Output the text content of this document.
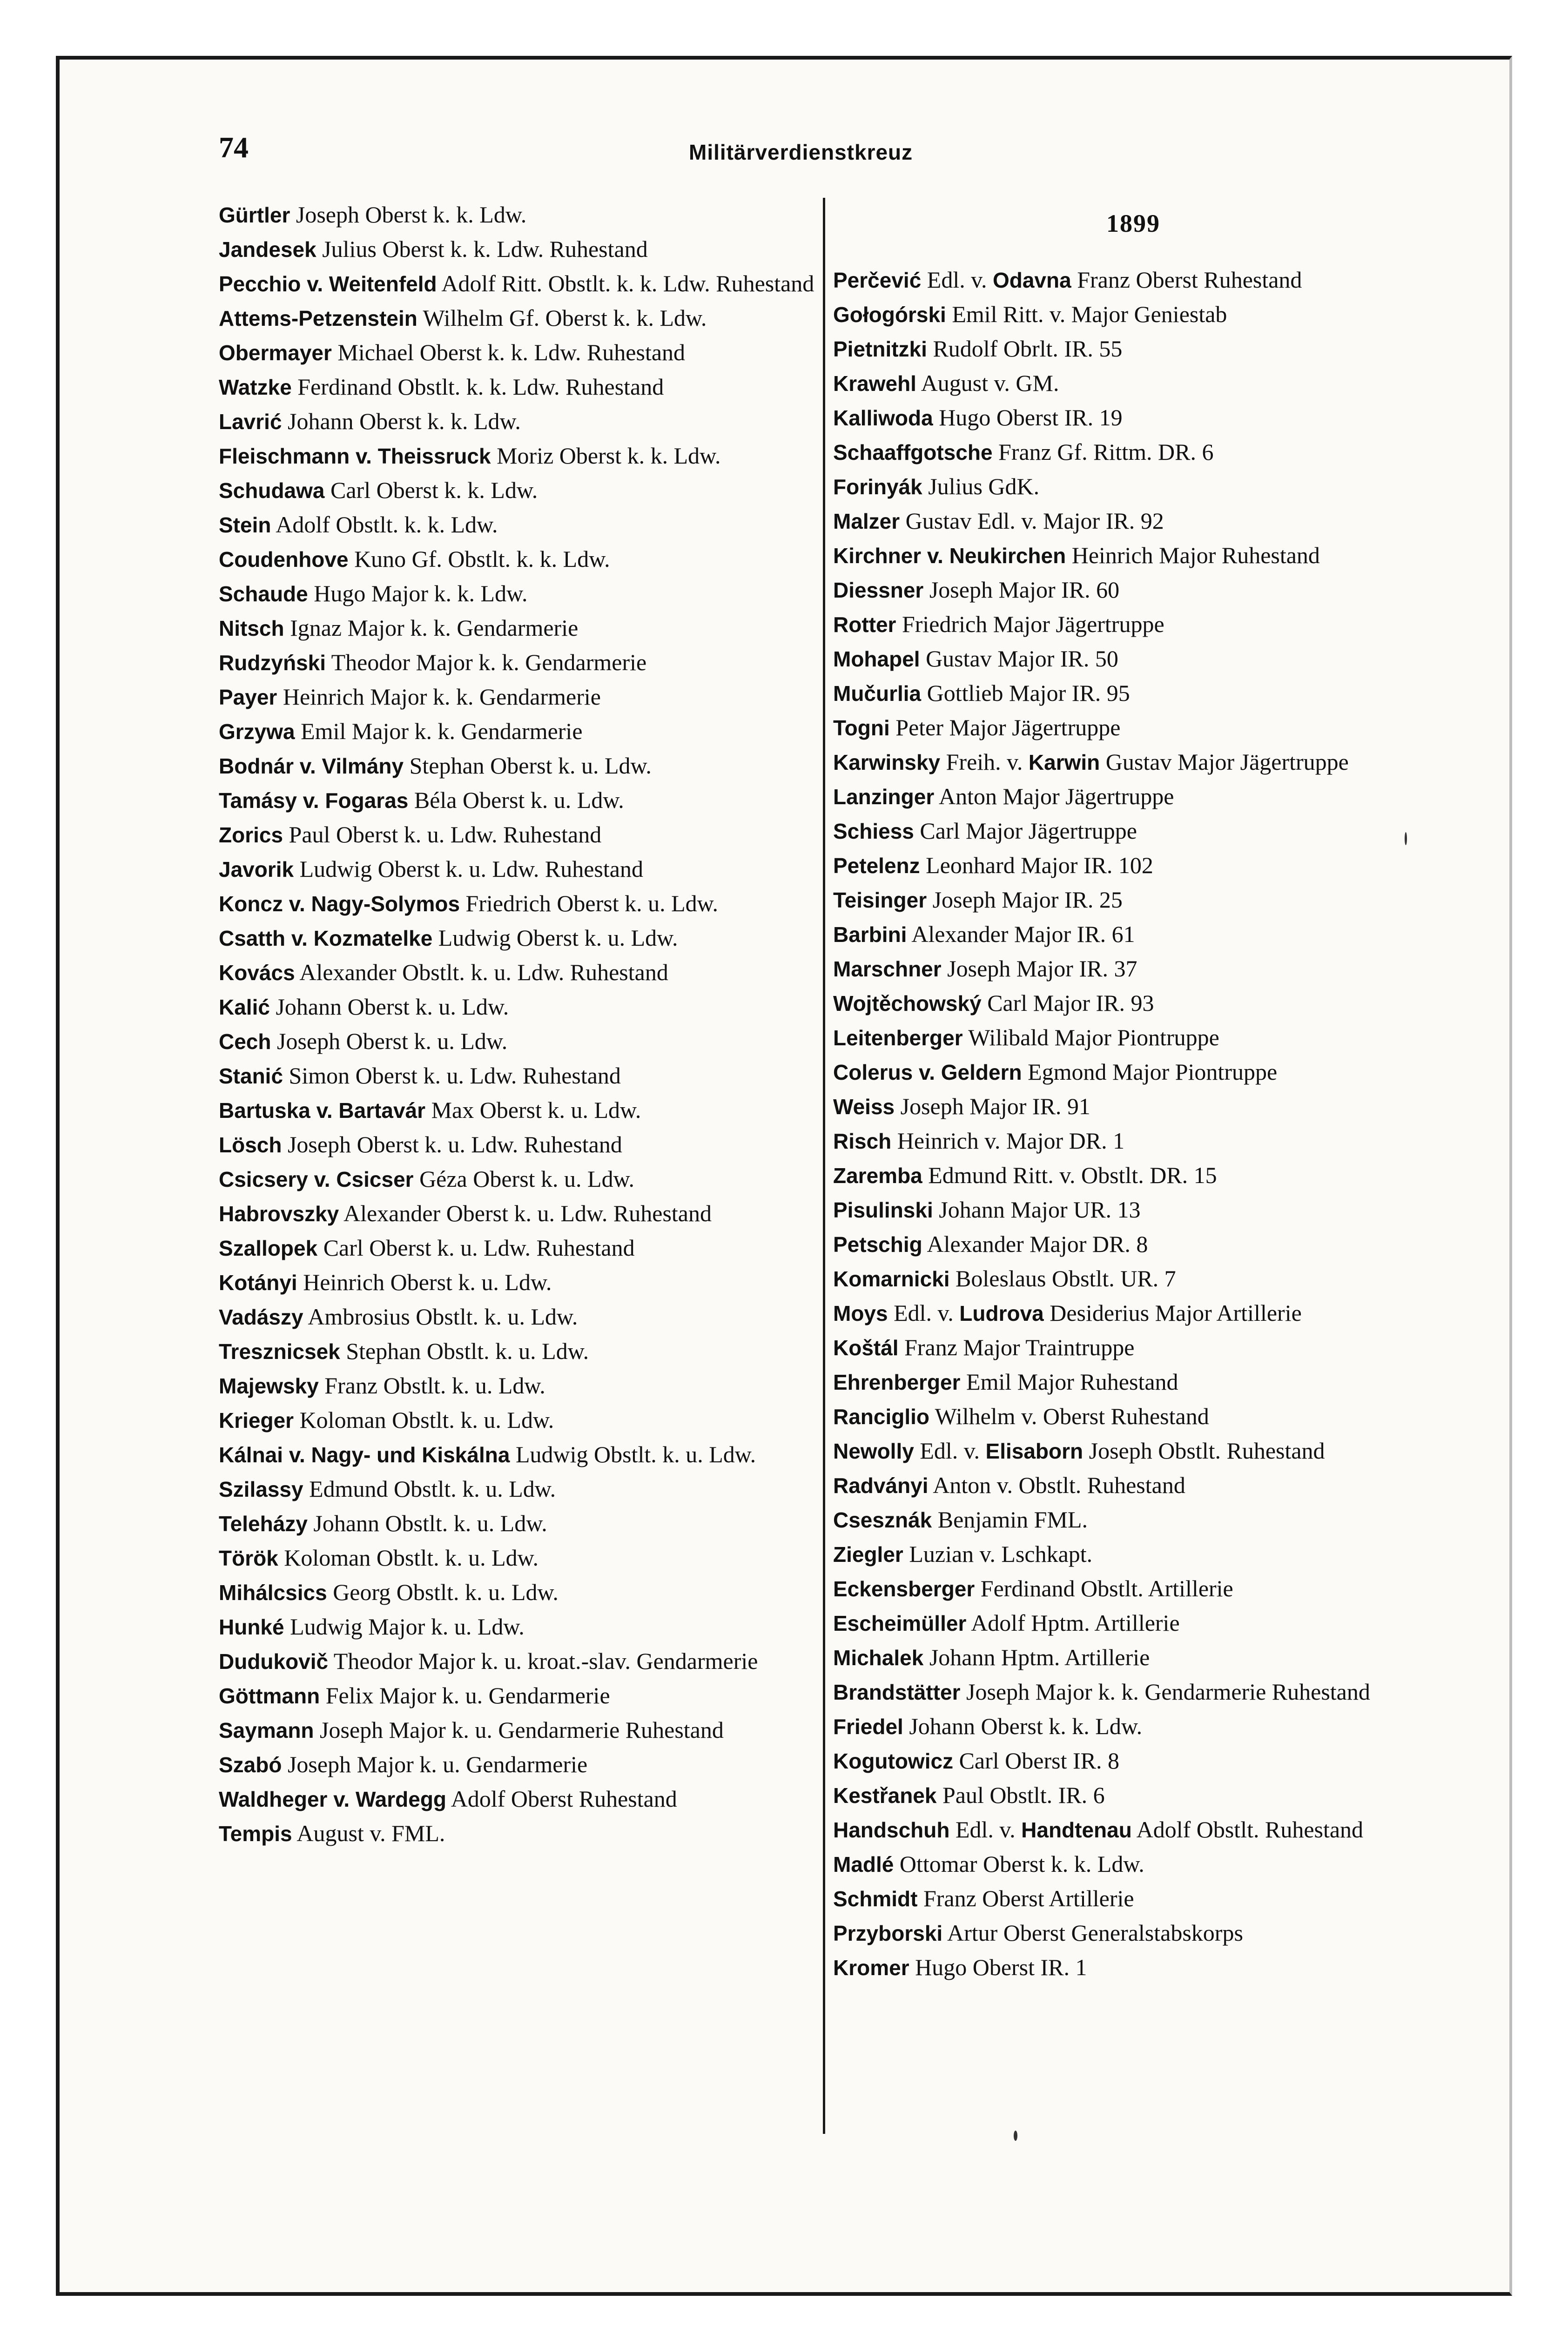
74	Militärverdienstkreuz
Gürtler Joseph Oberst k. k. Ldw.
Jandesek Julius Oberst k. k. Ldw. Ruhestand
Pecchio v. Weitenfeld Adolf Ritt. Obstlt. k. k. Ldw. Ruhestand
Attems-Petzenstein Wilhelm Gf. Oberst k. k. Ldw.
Obermayer Michael Oberst k. k. Ldw. Ruhestand
Watzke Ferdinand Obstlt. k. k. Ldw. Ruhestand
Lavrić Johann Oberst k. k. Ldw.
Fleischmann v. Theissruck Moriz Oberst k. k. Ldw.
Schudawa Carl Oberst k. k. Ldw.
Stein Adolf Obstlt. k. k. Ldw.
Coudenhove Kuno Gf. Obstlt. k. k. Ldw.
Schaude Hugo Major k. k. Ldw.
Nitsch Ignaz Major k. k. Gendarmerie
Rudzyński Theodor Major k. k. Gendarmerie
Payer Heinrich Major k. k. Gendarmerie
Grzywa Emil Major k. k. Gendarmerie
Bodnár v. Vilmány Stephan Oberst k. u. Ldw.
Tamásy v. Fogaras Béla Oberst k. u. Ldw.
Zorics Paul Oberst k. u. Ldw. Ruhestand
Javorik Ludwig Oberst k. u. Ldw. Ruhestand
Koncz v. Nagy-Solymos Friedrich Oberst k. u. Ldw.
Csatth v. Kozmatelke Ludwig Oberst k. u. Ldw.
Kovács Alexander Obstlt. k. u. Ldw. Ruhestand
Kalić Johann Oberst k. u. Ldw.
Cech Joseph Oberst k. u. Ldw.
Stanić Simon Oberst k. u. Ldw. Ruhestand
Bartuska v. Bartavár Max Oberst k. u. Ldw.
Lösch Joseph Oberst k. u. Ldw. Ruhestand
Csicsery v. Csicser Géza Oberst k. u. Ldw.
Habrovszky Alexander Oberst k. u. Ldw. Ruhestand
Szallopek Carl Oberst k. u. Ldw. Ruhestand
Kotányi Heinrich Oberst k. u. Ldw.
Vadászy Ambrosius Obstlt. k. u. Ldw.
Tresznicsek Stephan Obstlt. k. u. Ldw.
Majewsky Franz Obstlt. k. u. Ldw.
Krieger Koloman Obstlt. k. u. Ldw.
Kálnai v. Nagy- und Kiskálna Ludwig Obstlt. k. u. Ldw.
Szilassy Edmund Obstlt. k. u. Ldw.
Teleházy Johann Obstlt. k. u. Ldw.
Török Koloman Obstlt. k. u. Ldw.
Mihálcsics Georg Obstlt. k. u. Ldw.
Hunké Ludwig Major k. u. Ldw.
Dudukovič Theodor Major k. u. kroat.-slav. Gendarmerie
Göttmann Felix Major k. u. Gendarmerie
Saymann Joseph Major k. u. Gendarmerie Ruhestand
Szabó Joseph Major k. u. Gendarmerie
Waldheger v. Wardegg Adolf Oberst Ruhestand
Tempis August v. FML.
1899
Perčević Edl. v. Odavna Franz Oberst Ruhestand
Gołogórski Emil Ritt. v. Major Geniestab
Pietnitzki Rudolf Obrlt. IR. 55
Krawehl August v. GM.
Kalliwoda Hugo Oberst IR. 19
Schaaffgotsche Franz Gf. Rittm. DR. 6
Forinyák Julius GdK.
Malzer Gustav Edl. v. Major IR. 92
Kirchner v. Neukirchen Heinrich Major Ruhestand
Diessner Joseph Major IR. 60
Rotter Friedrich Major Jägertruppe
Mohapel Gustav Major IR. 50
Mučurlia Gottlieb Major IR. 95
Togni Peter Major Jägertruppe
Karwinsky Freih. v. Karwin Gustav Major Jägertruppe
Lanzinger Anton Major Jägertruppe
Schiess Carl Major Jägertruppe
Petelenz Leonhard Major IR. 102
Teisinger Joseph Major IR. 25
Barbini Alexander Major IR. 61
Marschner Joseph Major IR. 37
Wojtěchowský Carl Major IR. 93
Leitenberger Wilibald Major Piontruppe
Colerus v. Geldern Egmond Major Piontruppe
Weiss Joseph Major IR. 91
Risch Heinrich v. Major DR. 1
Zaremba Edmund Ritt. v. Obstlt. DR. 15
Pisulinski Johann Major UR. 13
Petschig Alexander Major DR. 8
Komarnicki Boleslaus Obstlt. UR. 7
Moys Edl. v. Ludrova Desiderius Major Artillerie
Koštál Franz Major Traintruppe
Ehrenberger Emil Major Ruhestand
Ranciglio Wilhelm v. Oberst Ruhestand
Newolly Edl. v. Elisaborn Joseph Obstlt. Ruhestand
Radványi Anton v. Obstlt. Ruhestand
Csesznák Benjamin FML.
Ziegler Luzian v. Lschkapt.
Eckensberger Ferdinand Obstlt. Artillerie
Escheimüller Adolf Hptm. Artillerie
Michalek Johann Hptm. Artillerie
Brandstätter Joseph Major k. k. Gendarmerie Ruhestand
Friedel Johann Oberst k. k. Ldw.
Kogutowicz Carl Oberst IR. 8
Kestřanek Paul Obstlt. IR. 6
Handschuh Edl. v. Handtenau Adolf Obstlt. Ruhestand
Madlé Ottomar Oberst k. k. Ldw.
Schmidt Franz Oberst Artillerie
Przyborski Artur Oberst Generalstabskorps
Kromer Hugo Oberst IR. 1
